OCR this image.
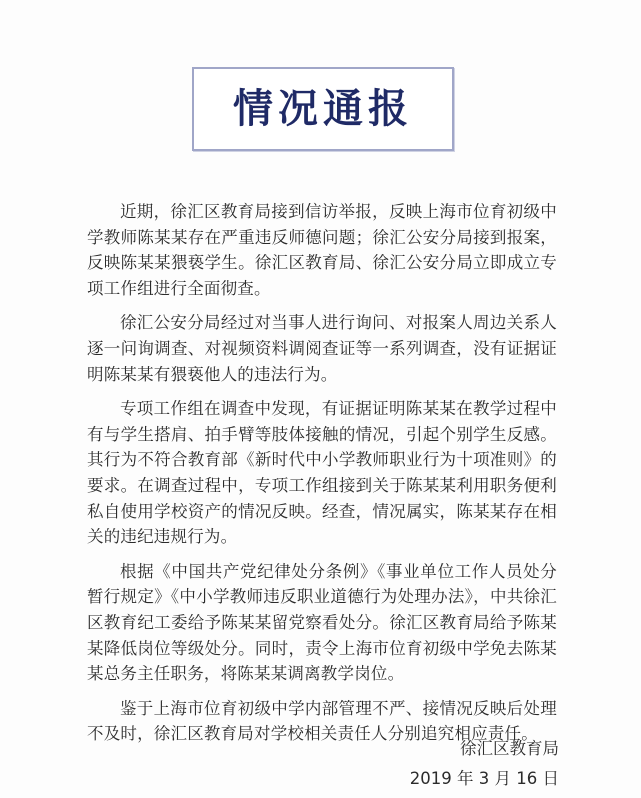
情况通报

近期，徐汇区教育局接到信访举报，反映上海市位育初级中学教师陈某某存在严重违反师德问题；徐汇公安分局接到报案，反映陈某某猥亵学生。徐汇区教育局、徐汇公安分局立即成立专项工作组进行全面彻查。

徐汇公安分局经过对当事人进行询问、对报案人周边关系人逐一问询调查、对视频资料调阅查证等一系列调查，没有证据证明陈某某有猥亵他人的违法行为。

专项工作组在调查中发现，有证据证明陈某某在教学过程中有与学生搭肩、拍手臂等肢体接触的情况，引起个别学生反感。其行为不符合教育部《新时代中小学教师职业行为十项准则》的要求。在调查过程中，专项工作组接到关于陈某某利用职务便利私自使用学校资产的情况反映。经查，情况属实，陈某某存在相关的违纪违规行为。

根据《中国共产党纪律处分条例》《事业单位工作人员处分暂行规定》《中小学教师违反职业道德行为处理办法》，中共徐汇区教育纪工委给予陈某某留党察看处分。徐汇区教育局给予陈某某降低岗位等级处分。同时，责令上海市位育初级中学免去陈某某总务主任职务，将陈某某调离教学岗位。

鉴于上海市位育初级中学内部管理不严、接情况反映后处理不及时，徐汇区教育局对学校相关责任人分别追究相应责任。

徐汇区教育局
2019 年 3 月 16 日
